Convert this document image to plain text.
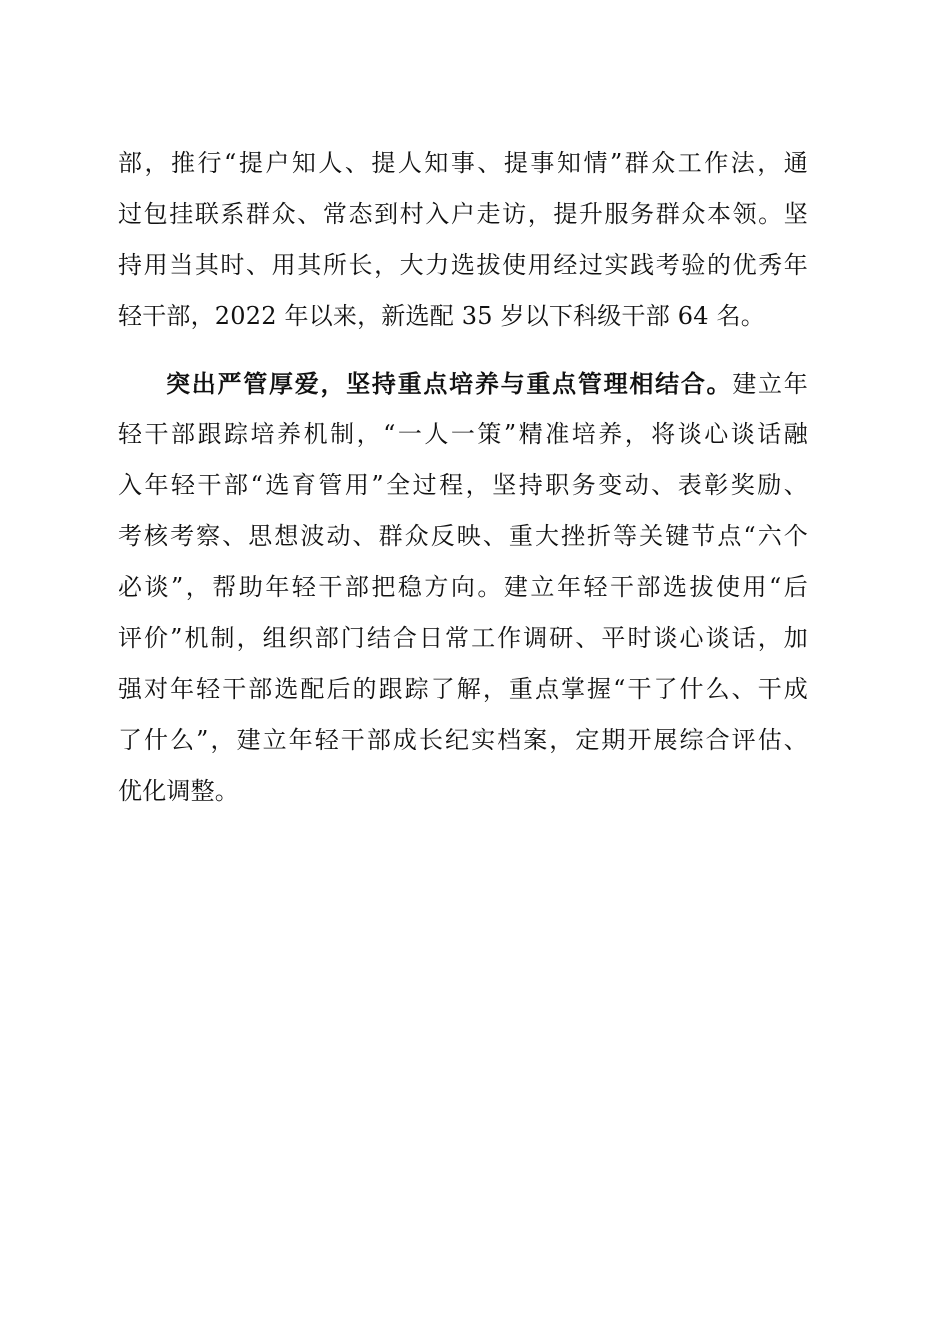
部，推行“提户知人、提人知事、提事知情”群众工作法，通
过包挂联系群众、常态到村入户走访，提升服务群众本领。坚
持用当其时、用其所长，大力选拔使用经过实践考验的优秀年
轻干部，2022 年以来，新选配 35 岁以下科级干部 64 名。
突出严管厚爱，坚持重点培养与重点管理相结合。建立年
轻干部跟踪培养机制，“一人一策”精准培养，将谈心谈话融
入年轻干部“选育管用”全过程，坚持职务变动、表彰奖励、
考核考察、思想波动、群众反映、重大挫折等关键节点“六个
必谈”，帮助年轻干部把稳方向。建立年轻干部选拔使用“后
评价”机制，组织部门结合日常工作调研、平时谈心谈话，加
强对年轻干部选配后的跟踪了解，重点掌握“干了什么、干成
了什么”，建立年轻干部成长纪实档案，定期开展综合评估、
优化调整。
